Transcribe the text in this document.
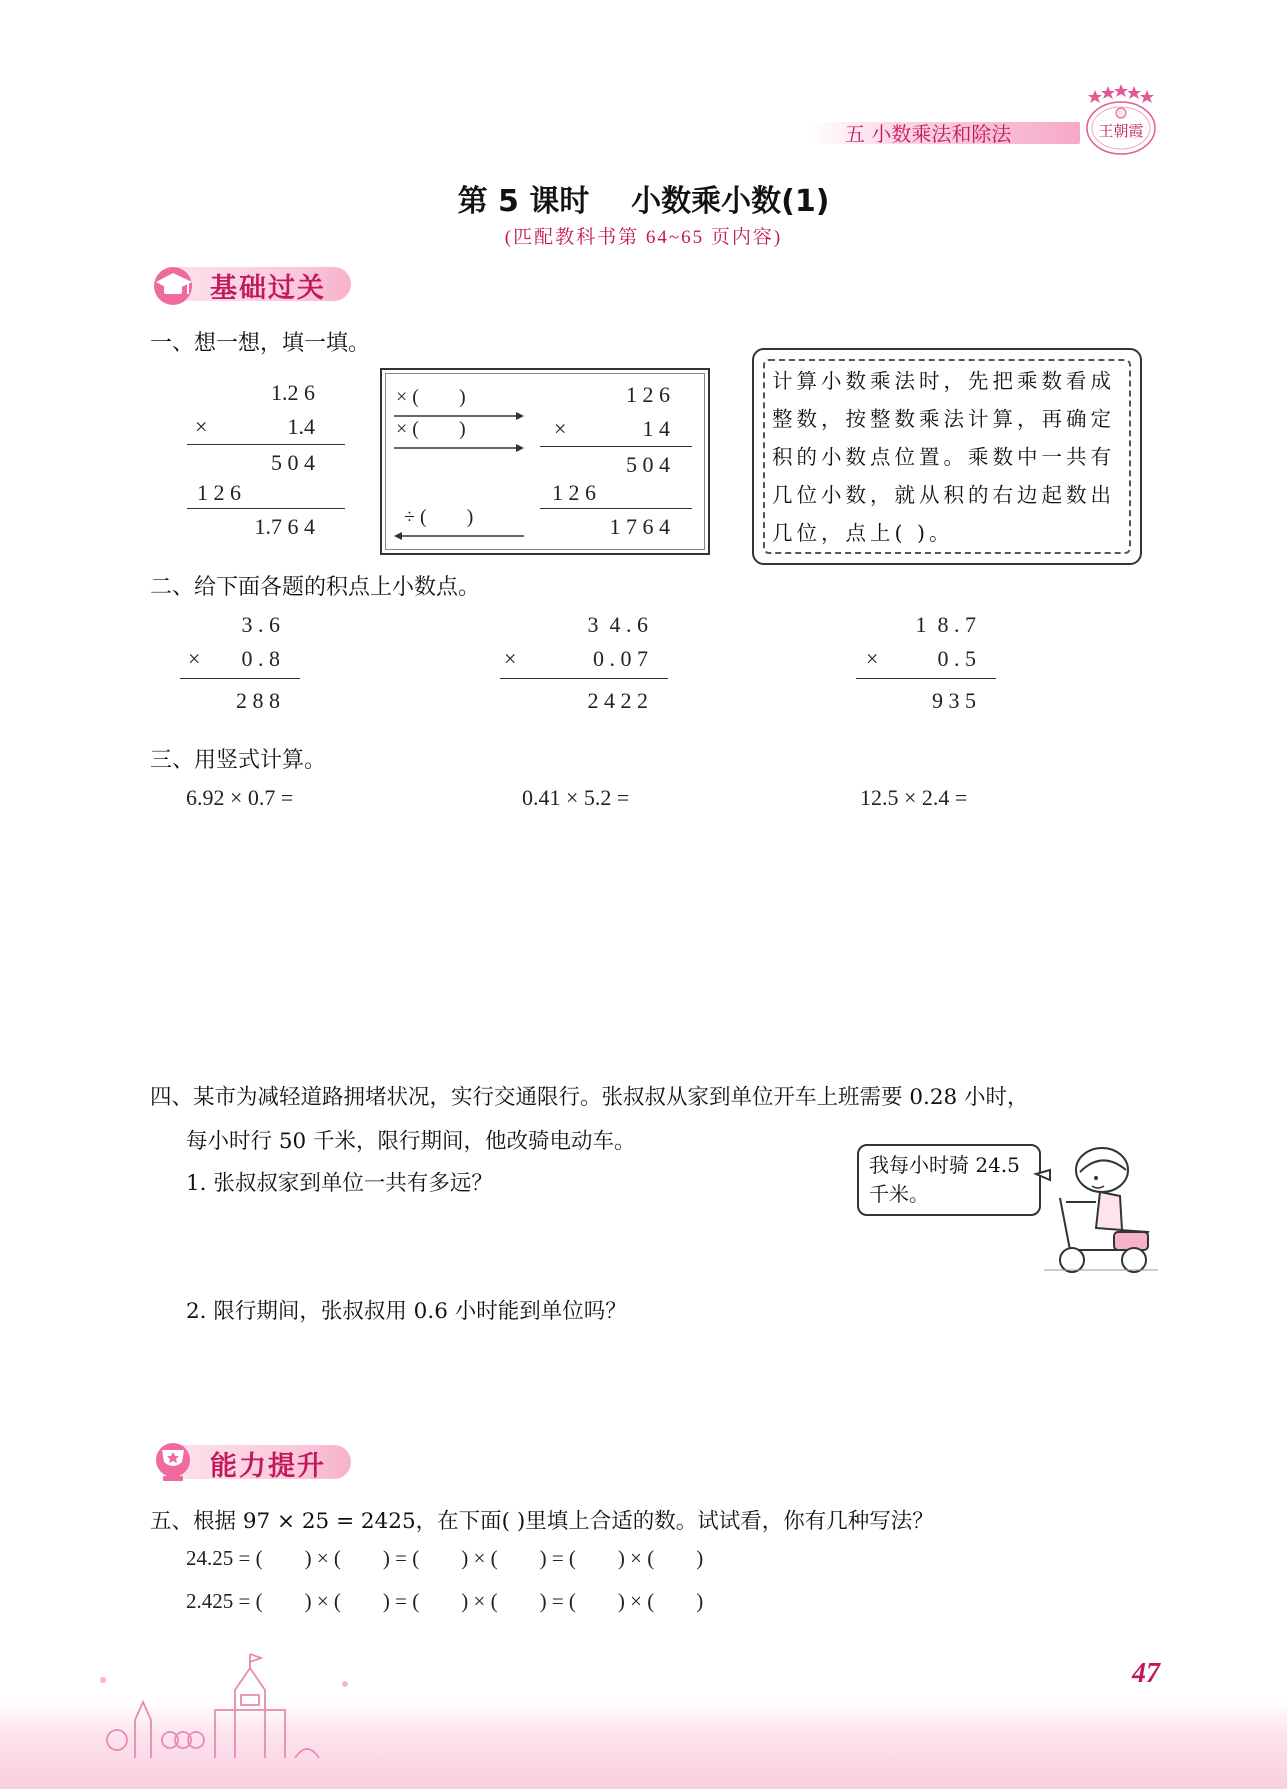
五 小数乘法和除法	王朝霞
第 5 课时    小数乘小数(1)
(匹配教科书第 64~65 页内容)
基础过关
一、想一想，填一填。
1.2 6
×	1.4
5 0 4
1 2 6
1.7 6 4
× (        )
× (        )
÷ (        )
1 2 6
×	1 4
5 0 4
1 2 6
1 7 6 4
计算小数乘法时，先把乘数看成整数，按整数乘法计算，再确定积的小数点位置。乘数中一共有几位小数，就从积的右边起数出几位，点上( )。
二、给下面各题的积点上小数点。
3 . 6
× 0 . 8
2 8 8
3  4 . 6
×	0 . 0 7
2 4 2 2
1  8 . 7
×	0 . 5
9 3 5
三、用竖式计算。
6.92 × 0.7 =	0.41 × 5.2 =	12.5 × 2.4 =
四、某市为减轻道路拥堵状况，实行交通限行。张叔叔从家到单位开车上班需要 0.28 小时，
每小时行 50 千米，限行期间，他改骑电动车。
1. 张叔叔家到单位一共有多远？
2. 限行期间，张叔叔用 0.6 小时能到单位吗？
我每小时骑 24.5
千米。
能力提升
五、根据 97 × 25 = 2425，在下面( )里填上合适的数。试试看，你有几种写法？
24.25 = (        ) × (        ) = (        ) × (        ) = (        ) × (        )
2.425 = (        ) × (        ) = (        ) × (        ) = (        ) × (        )
47
